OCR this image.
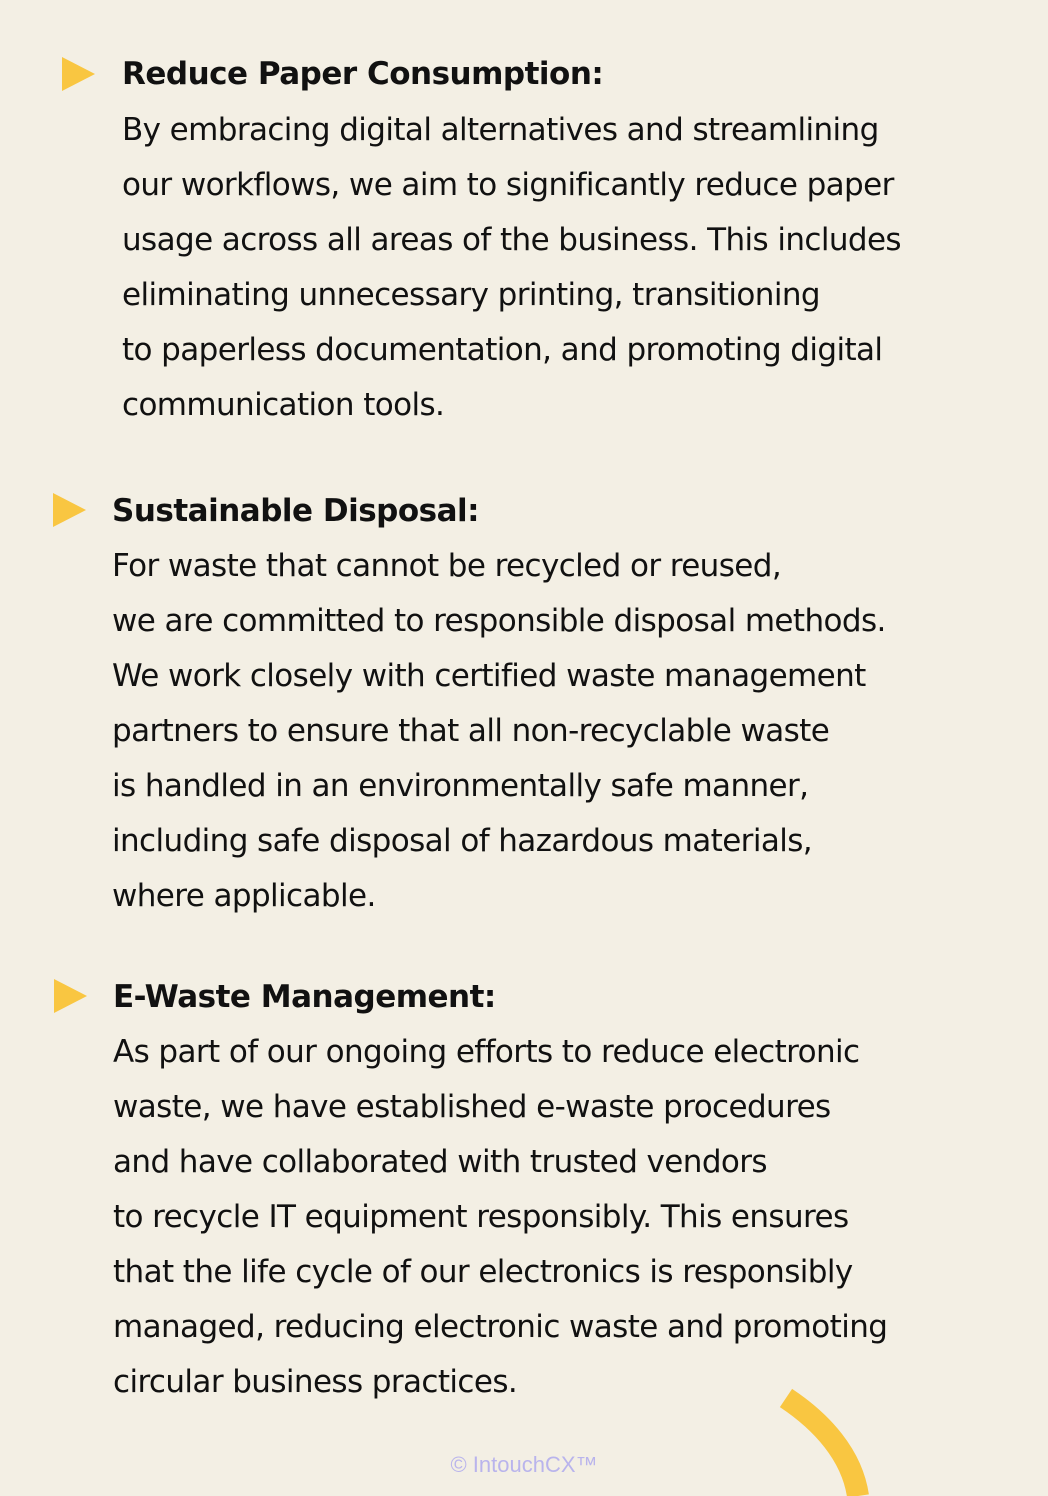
Reduce Paper Consumption:
By embracing digital alternatives and streamlining
our workflows, we aim to significantly reduce paper
usage across all areas of the business. This includes
eliminating unnecessary printing, transitioning
to paperless documentation, and promoting digital
communication tools.
Sustainable Disposal:
For waste that cannot be recycled or reused,
we are committed to responsible disposal methods.
We work closely with certified waste management
partners to ensure that all non-recyclable waste
is handled in an environmentally safe manner,
including safe disposal of hazardous materials,
where applicable.
E-Waste Management:
As part of our ongoing efforts to reduce electronic
waste, we have established e-waste procedures
and have collaborated with trusted vendors
to recycle IT equipment responsibly. This ensures
that the life cycle of our electronics is responsibly
managed, reducing electronic waste and promoting
circular business practices.
© IntouchCX™
